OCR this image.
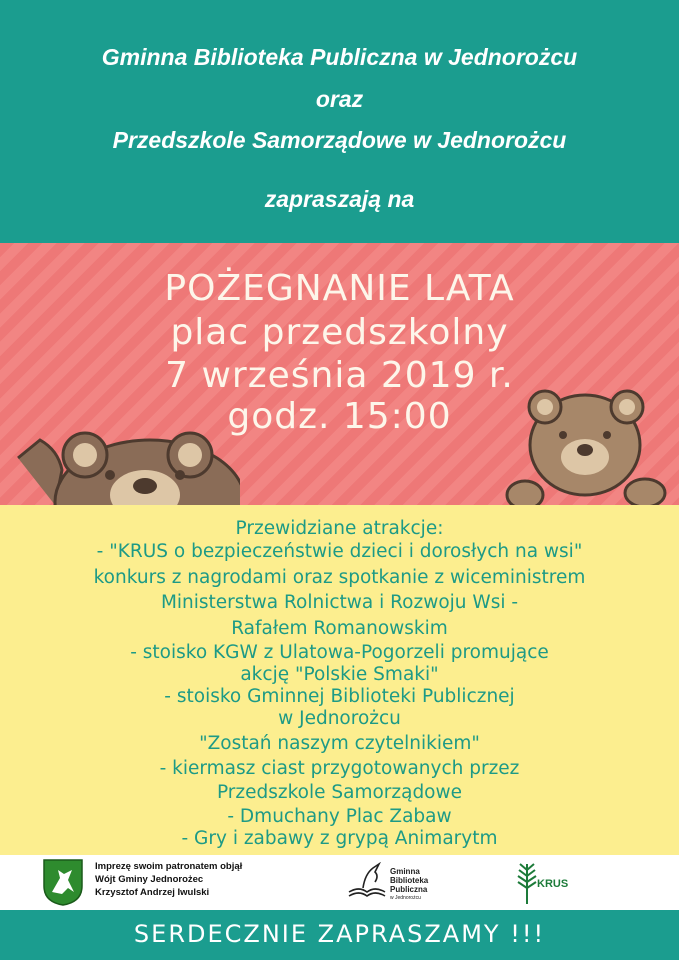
Gminna Biblioteka Publiczna w Jednorożcu
oraz
Przedszkole Samorządowe w Jednorożcu
zapraszają na
POŻEGNANIE LATA
plac przedszkolny
7 września 2019 r.
godz. 15:00
Przewidziane atrakcje:
- "KRUS o bezpieczeństwie dzieci i dorosłych na wsi"
konkurs z nagrodami oraz spotkanie z wiceministrem
Ministerstwa Rolnictwa i Rozwoju Wsi -
Rafałem Romanowskim
- stoisko KGW z Ulatowa-Pogorzeli promujące
akcję "Polskie Smaki"
- stoisko Gminnej Biblioteki Publicznej
w Jednorożcu
"Zostań naszym czytelnikiem"
- kiermasz ciast przygotowanych przez
Przedszkole Samorządowe
- Dmuchany Plac Zabaw
- Gry i zabawy z grypą Animarytm
Imprezę swoim patronatem objął
Wójt Gminy Jednorożec
Krzysztof Andrzej Iwulski
Gminna
Biblioteka
Publiczna
w Jednorożcu
KRUS
SERDECZNIE ZAPRASZAMY !!!
